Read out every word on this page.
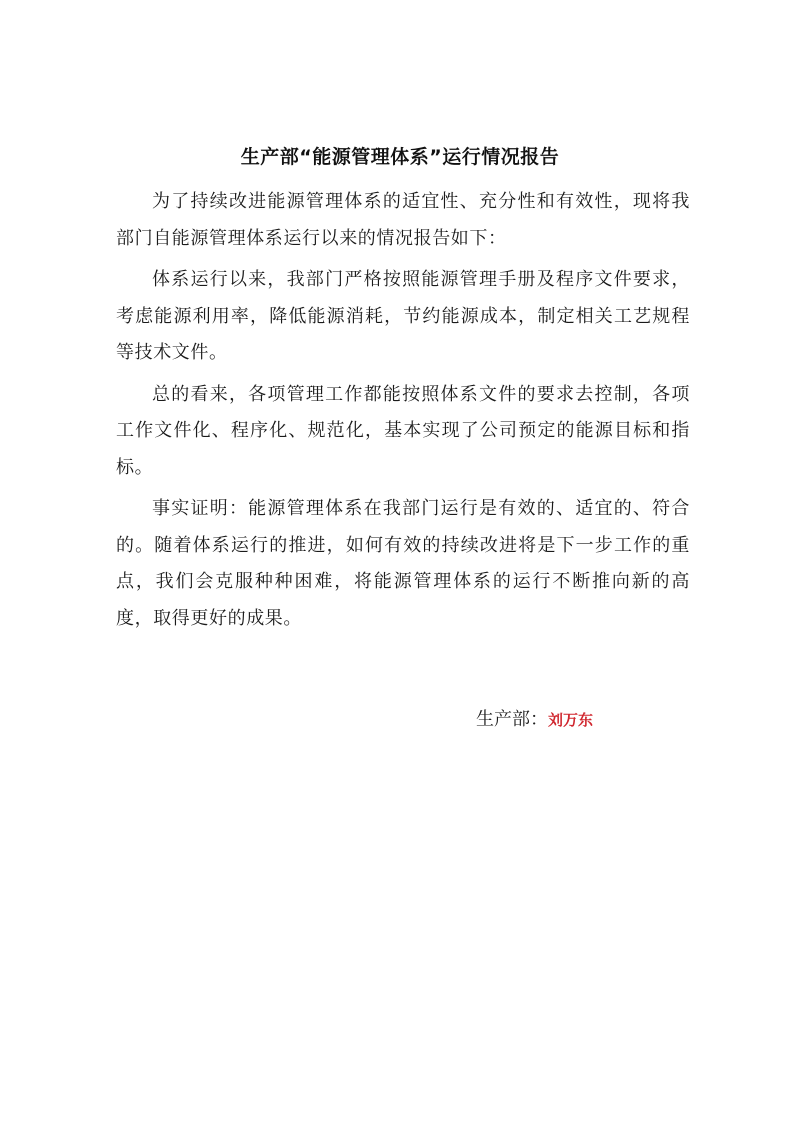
生产部“能源管理体系”运行情况报告

为了持续改进能源管理体系的适宜性、充分性和有效性，现将我部门自能源管理体系运行以来的情况报告如下：

体系运行以来，我部门严格按照能源管理手册及程序文件要求，考虑能源利用率，降低能源消耗，节约能源成本，制定相关工艺规程等技术文件。

总的看来，各项管理工作都能按照体系文件的要求去控制，各项工作文件化、程序化、规范化，基本实现了公司预定的能源目标和指标。

事实证明：能源管理体系在我部门运行是有效的、适宜的、符合的。随着体系运行的推进，如何有效的持续改进将是下一步工作的重点，我们会克服种种困难，将能源管理体系的运行不断推向新的高度，取得更好的成果。

生产部：刘万东
